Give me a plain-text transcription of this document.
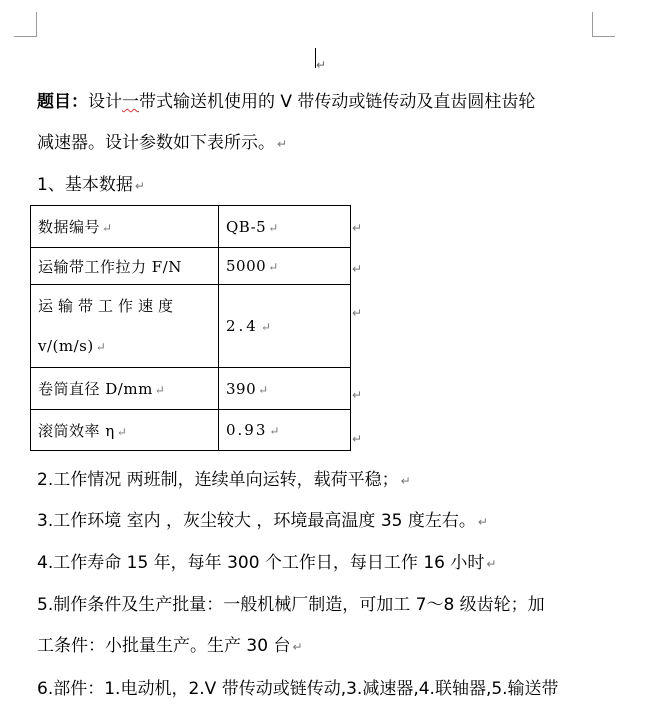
↵
题目：设计一带式输送机使用的 V 带传动或链传动及直齿圆柱齿轮
减速器。设计参数如下表所示。 ↵
1、基本数据 ↵
数据编号 ↵	QB-5 ↵
运输带工作拉力 F/N	5000 ↵

运输带工作速度
v/(m/s) ↵	2.4 ↵
卷筒直径 D/mm ↵	390 ↵
滚筒效率 η ↵	0.93 ↵
↵
↵
↵
↵
↵
2.工作情况 两班制，连续单向运转，载荷平稳； ↵
3.工作环境 室内 ，灰尘较大 ，环境最高温度 35 度左右。 ↵
4.工作寿命 15 年，每年 300 个工作日，每日工作 16 小时 ↵
5.制作条件及生产批量：一般机械厂制造，可加工 7～8 级齿轮；加
工条件：小批量生产。生产 30 台 ↵
6.部件：1.电动机，2.V 带传动或链传动,3.减速器,4.联轴器,5.输送带
